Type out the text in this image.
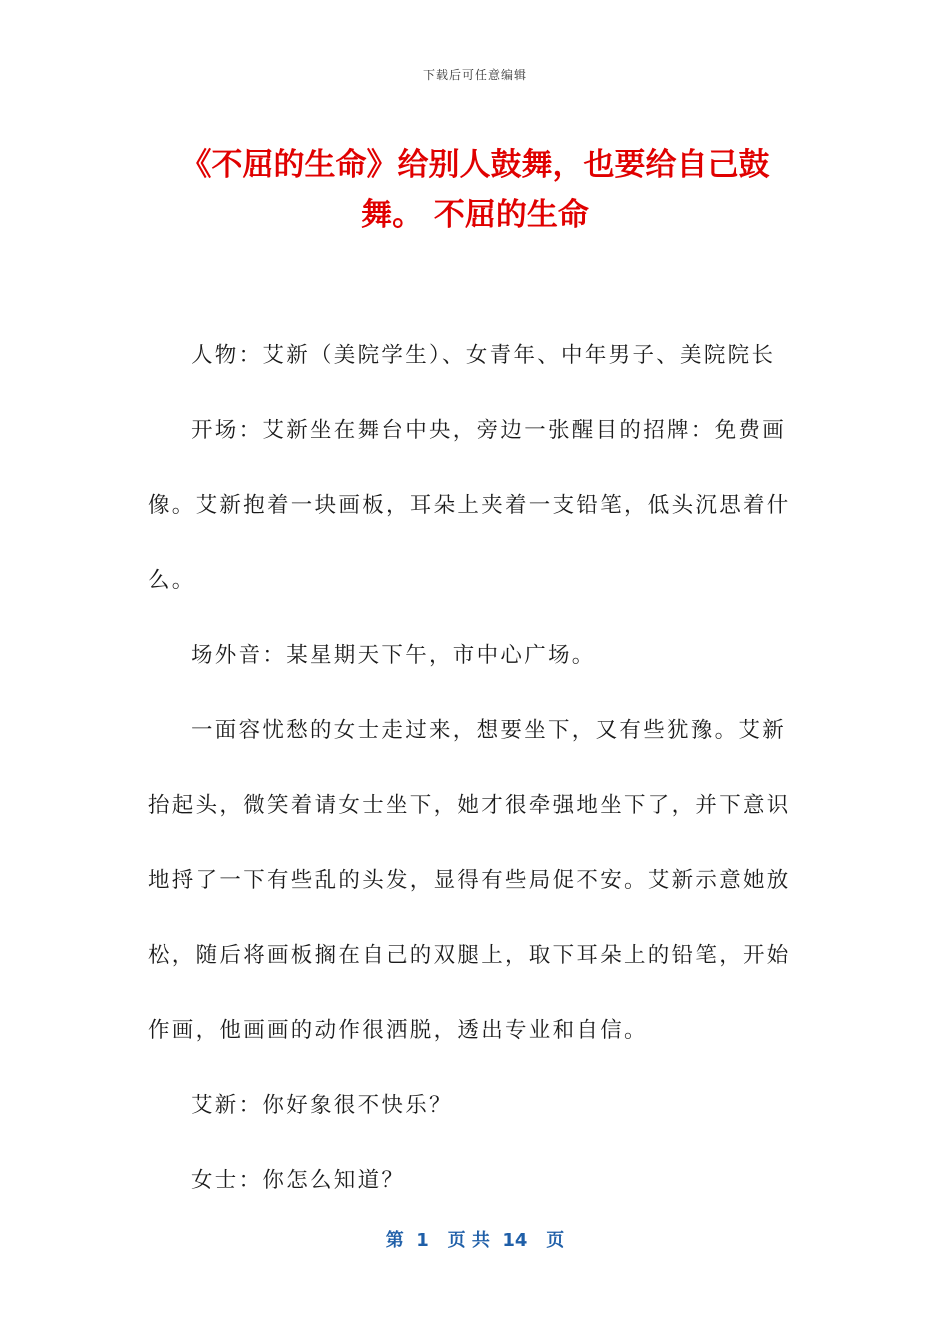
下载后可任意编辑
《不屈的生命》给别人鼓舞，也要给自己鼓
舞。 不屈的生命

人物：艾新（美院学生）、女青年、中年男子、美院院长

开场：艾新坐在舞台中央，旁边一张醒目的招牌：免费画
像。艾新抱着一块画板，耳朵上夹着一支铅笔，低头沉思着什
么。

场外音：某星期天下午，市中心广场。

一面容忧愁的女士走过来，想要坐下，又有些犹豫。艾新
抬起头，微笑着请女士坐下，她才很牵强地坐下了，并下意识
地捋了一下有些乱的头发，显得有些局促不安。艾新示意她放
松，随后将画板搁在自己的双腿上，取下耳朵上的铅笔，开始
作画，他画画的动作很洒脱，透出专业和自信。

艾新：你好象很不快乐？

女士：你怎么知道？

第  1   页 共  14   页
